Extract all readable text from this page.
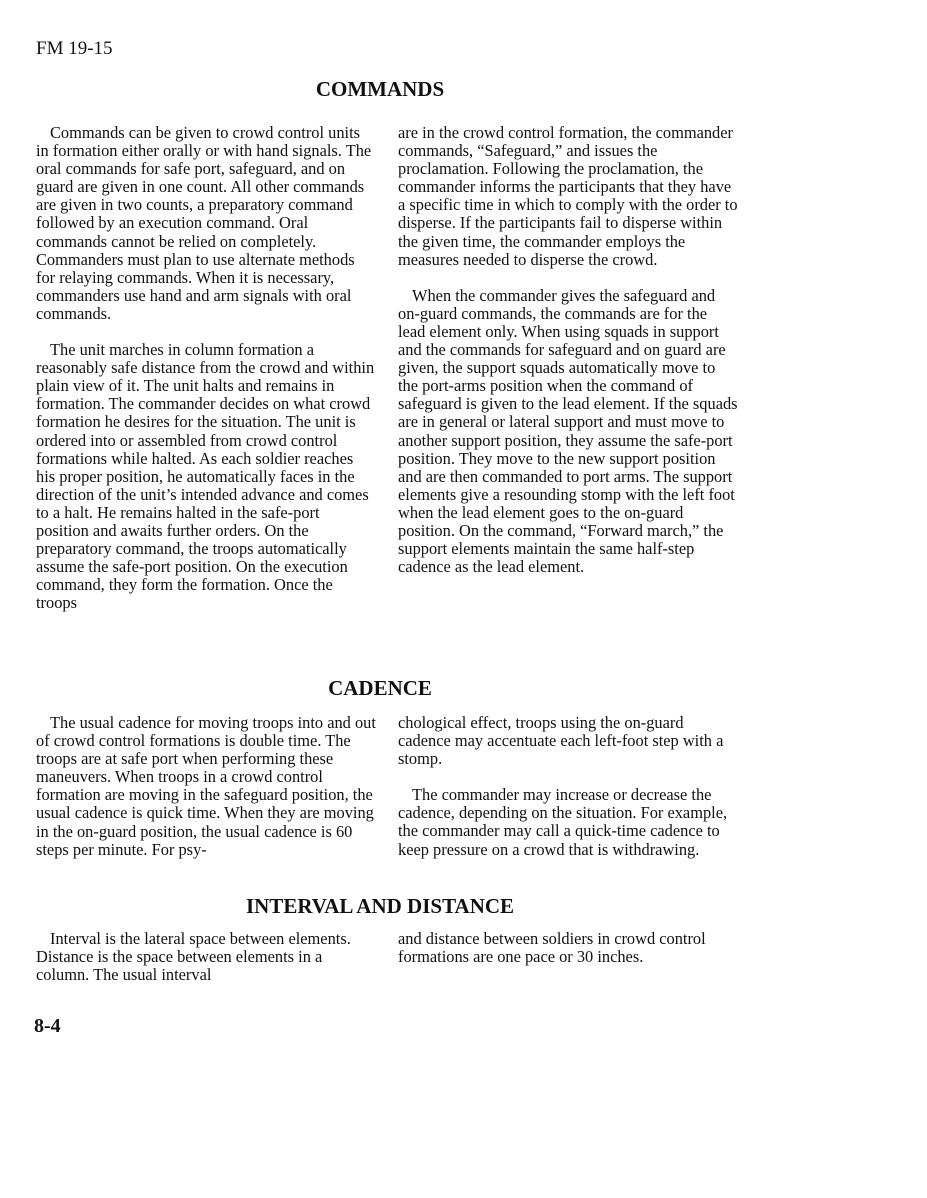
FM 19-15
COMMANDS

Commands can be given to crowd control units in formation either orally or with hand signals. The oral commands for safe port, safeguard, and on guard are given in one count. All other commands are given in two counts, a preparatory command followed by an execution command. Oral commands cannot be relied on completely. Commanders must plan to use alternate methods for relaying commands. When it is necessary, commanders use hand and arm signals with oral commands.

The unit marches in column formation a reasonably safe distance from the crowd and within plain view of it. The unit halts and remains in formation. The commander decides on what crowd formation he desires for the situation. The unit is ordered into or assembled from crowd control formations while halted. As each soldier reaches his proper position, he automatically faces in the direction of the unit’s intended advance and comes to a halt. He remains halted in the safe-port position and awaits further orders. On the preparatory command, the troops automatically assume the safe-port position. On the execution command, they form the formation. Once the troops

are in the crowd control formation, the commander commands, “Safeguard,” and issues the proclamation. Following the proclamation, the commander informs the participants that they have a specific time in which to comply with the order to disperse. If the participants fail to disperse within the given time, the commander employs the measures needed to disperse the crowd.

When the commander gives the safeguard and on-guard commands, the commands are for the lead element only. When using squads in support and the commands for safeguard and on guard are given, the support squads automatically move to the port-arms position when the command of safeguard is given to the lead element. If the squads are in general or lateral support and must move to another support position, they assume the safe-port position. They move to the new support position and are then commanded to port arms. The support elements give a resounding stomp with the left foot when the lead element goes to the on-guard position. On the command, “Forward march,” the support elements maintain the same half-step cadence as the lead element.

CADENCE

The usual cadence for moving troops into and out of crowd control formations is double time. The troops are at safe port when performing these maneuvers. When troops in a crowd control formation are moving in the safeguard position, the usual cadence is quick time. When they are moving in the on-guard position, the usual cadence is 60 steps per minute. For psy-

chological effect, troops using the on-guard cadence may accentuate each left-foot step with a stomp.

The commander may increase or decrease the cadence, depending on the situation. For example, the commander may call a quick-time cadence to keep pressure on a crowd that is withdrawing.

INTERVAL AND DISTANCE

Interval is the lateral space between elements. Distance is the space between elements in a column. The usual interval

and distance between soldiers in crowd control formations are one pace or 30 inches.

8-4
